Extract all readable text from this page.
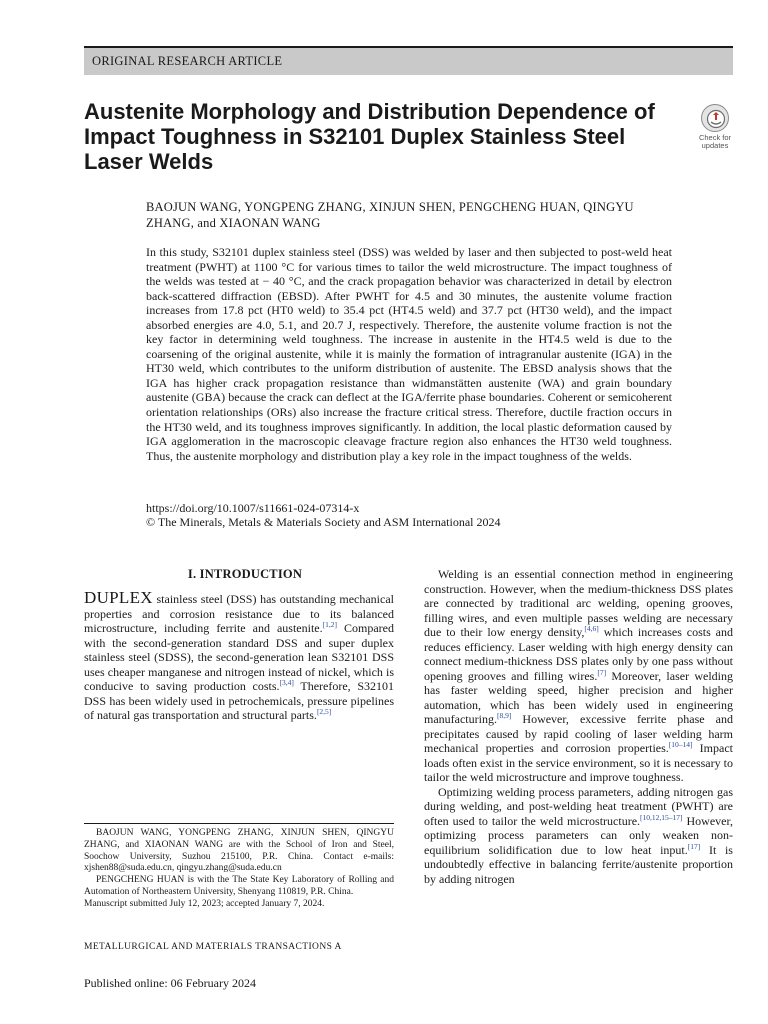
ORIGINAL RESEARCH ARTICLE
Austenite Morphology and Distribution Dependence of Impact Toughness in S32101 Duplex Stainless Steel Laser Welds
Check for
updates
BAOJUN WANG, YONGPENG ZHANG, XINJUN SHEN, PENGCHENG HUAN, QINGYU ZHANG, and XIAONAN WANG

In this study, S32101 duplex stainless steel (DSS) was welded by laser and then subjected to post-weld heat treatment (PWHT) at 1100 °C for various times to tailor the weld microstructure. The impact toughness of the welds was tested at − 40 °C, and the crack propagation behavior was characterized in detail by electron back-scattered diffraction (EBSD). After PWHT for 4.5 and 30 minutes, the austenite volume fraction increases from 17.8 pct (HT0 weld) to 35.4 pct (HT4.5 weld) and 37.7 pct (HT30 weld), and the impact absorbed energies are 4.0, 5.1, and 20.7 J, respectively. Therefore, the austenite volume fraction is not the key factor in determining weld toughness. The increase in austenite in the HT4.5 weld is due to the coarsening of the original austenite, while it is mainly the formation of intragranular austenite (IGA) in the HT30 weld, which contributes to the uniform distribution of austenite. The EBSD analysis shows that the IGA has higher crack propagation resistance than widmanstätten austenite (WA) and grain boundary austenite (GBA) because the crack can deflect at the IGA/ferrite phase boundaries. Coherent or semicoherent orientation relationships (ORs) also increase the fracture critical stress. Therefore, ductile fraction occurs in the HT30 weld, and its toughness improves significantly. In addition, the local plastic deformation caused by IGA agglomeration in the macroscopic cleavage fracture region also enhances the HT30 weld toughness. Thus, the austenite morphology and distribution play a key role in the impact toughness of the welds.

https://doi.org/10.1007/s11661-024-07314-x
© The Minerals, Metals & Materials Society and ASM International 2024
I. INTRODUCTION

DUPLEX stainless steel (DSS) has outstanding mechanical properties and corrosion resistance due to its balanced microstructure, including ferrite and austenite.[1,2] Compared with the second-generation standard DSS and super duplex stainless steel (SDSS), the second-generation lean S32101 DSS uses cheaper manganese and nitrogen instead of nickel, which is conducive to saving production costs.[3,4] Therefore, S32101 DSS has been widely used in petrochemicals, pressure pipelines of natural gas transportation and structural parts.[2,5]

BAOJUN WANG, YONGPENG ZHANG, XINJUN SHEN, QINGYU ZHANG, and XIAONAN WANG are with the School of Iron and Steel, Soochow University, Suzhou 215100, P.R. China. Contact e-mails: xjshen88@suda.edu.cn, qingyu.zhang@suda.edu.cn

PENGCHENG HUAN is with the The State Key Laboratory of Rolling and Automation of Northeastern University, Shenyang 110819, P.R. China.

Manuscript submitted July 12, 2023; accepted January 7, 2024.

METALLURGICAL AND MATERIALS TRANSACTIONS A
Published online: 06 February 2024

Welding is an essential connection method in engineering construction. However, when the medium-thickness DSS plates are connected by traditional arc welding, opening grooves, filling wires, and even multiple passes welding are necessary due to their low energy density,[4,6] which increases costs and reduces efficiency. Laser welding with high energy density can connect medium-thickness DSS plates only by one pass without opening grooves and filling wires.[7] Moreover, laser welding has faster welding speed, higher precision and higher automation, which has been widely used in engineering manufacturing.[8,9] However, excessive ferrite phase and precipitates caused by rapid cooling of laser welding harm mechanical properties and corrosion properties.[10–14] Impact loads often exist in the service environment, so it is necessary to tailor the weld microstructure and improve toughness.

Optimizing welding process parameters, adding nitrogen gas during welding, and post-welding heat treatment (PWHT) are often used to tailor the weld microstructure.[10,12,15–17] However, optimizing process parameters can only weaken non-equilibrium solidification due to low heat input.[17] It is undoubtedly effective in balancing ferrite/austenite proportion by adding nitrogen
